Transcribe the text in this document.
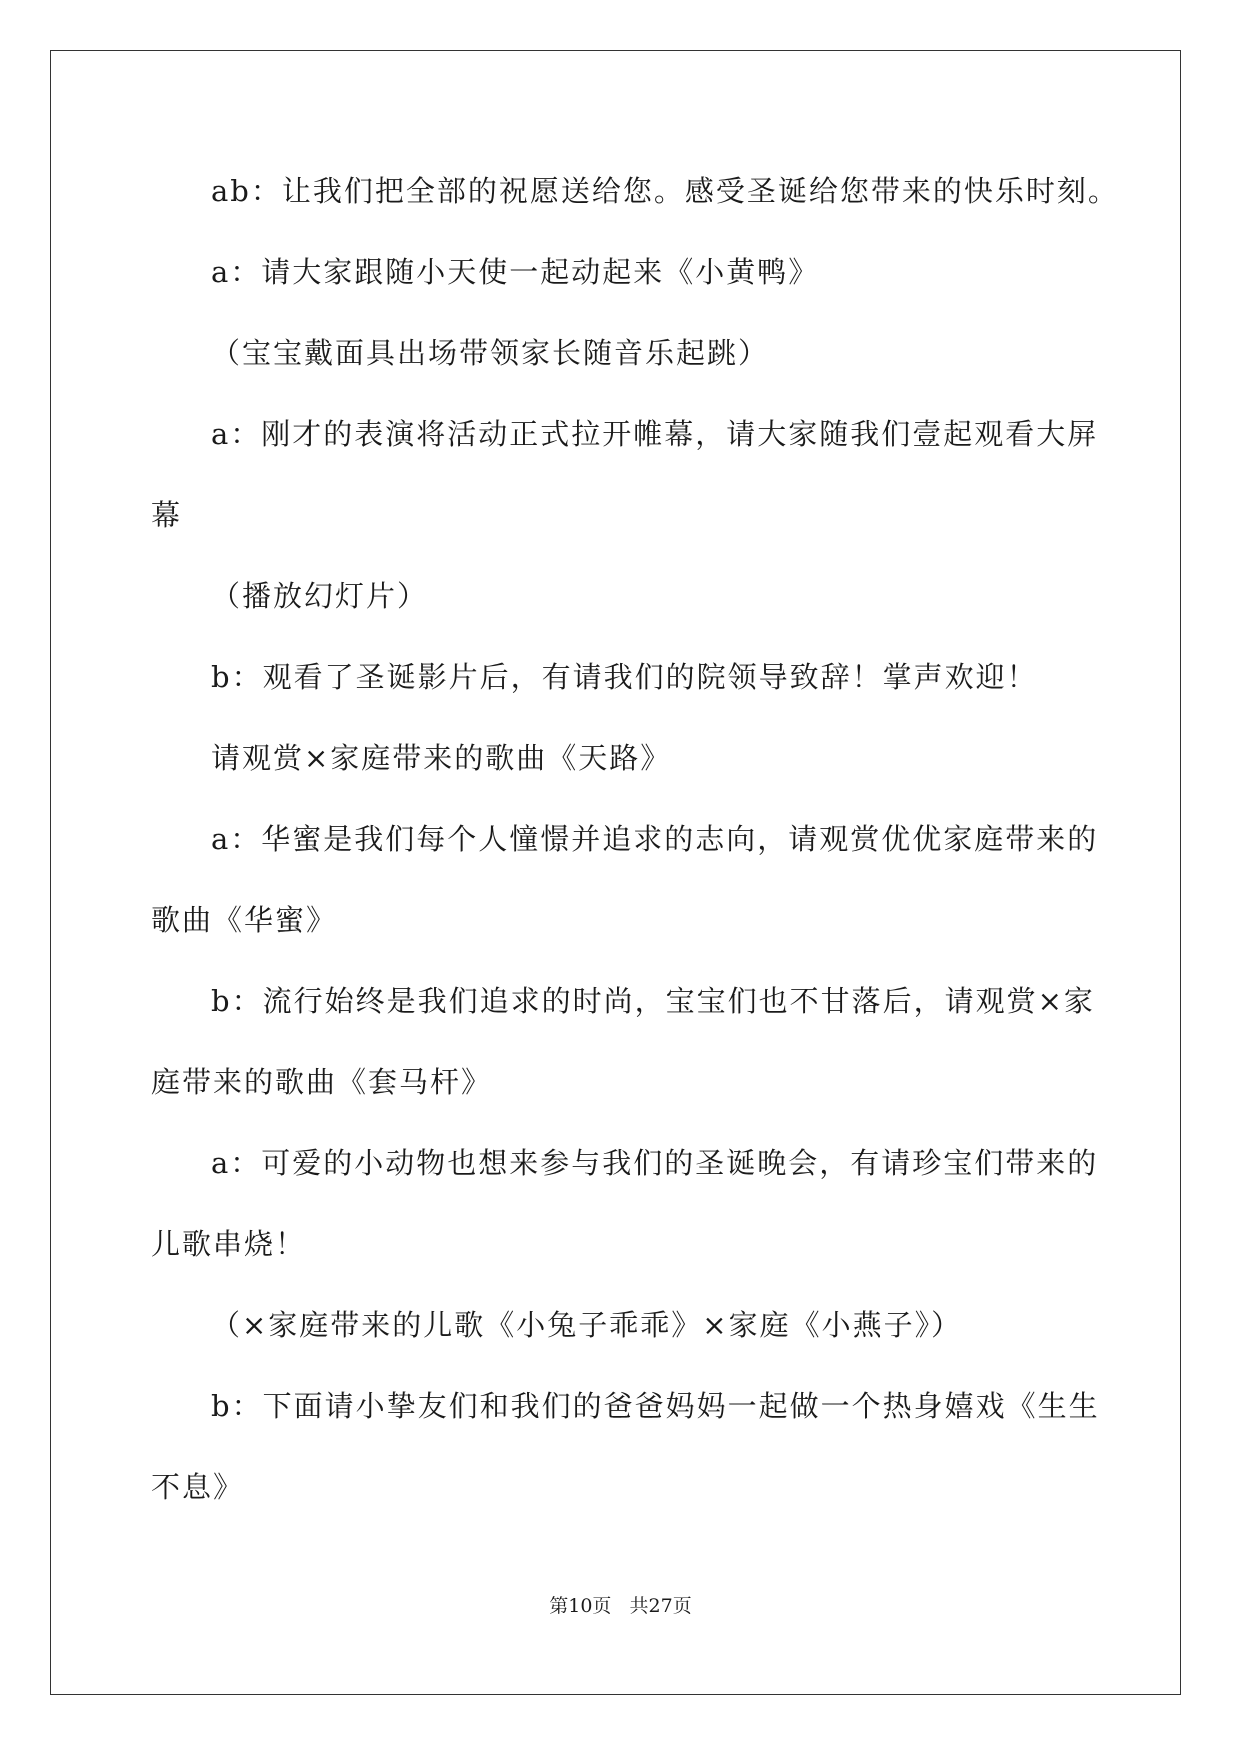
ab：让我们把全部的祝愿送给您。感受圣诞给您带来的快乐时刻。

a：请大家跟随小天使一起动起来《小黄鸭》

（宝宝戴面具出场带领家长随音乐起跳）

a：刚才的表演将活动正式拉开帷幕，请大家随我们壹起观看大屏

幕

（播放幻灯片）

b：观看了圣诞影片后，有请我们的院领导致辞！掌声欢迎！

请观赏×家庭带来的歌曲《天路》

a：华蜜是我们每个人憧憬并追求的志向，请观赏优优家庭带来的

歌曲《华蜜》

b：流行始终是我们追求的时尚，宝宝们也不甘落后，请观赏×家

庭带来的歌曲《套马杆》

a：可爱的小动物也想来参与我们的圣诞晚会，有请珍宝们带来的

儿歌串烧！

（×家庭带来的儿歌《小兔子乖乖》×家庭《小燕子》）

b：下面请小挚友们和我们的爸爸妈妈一起做一个热身嬉戏《生生

不息》

第10页   共27页
